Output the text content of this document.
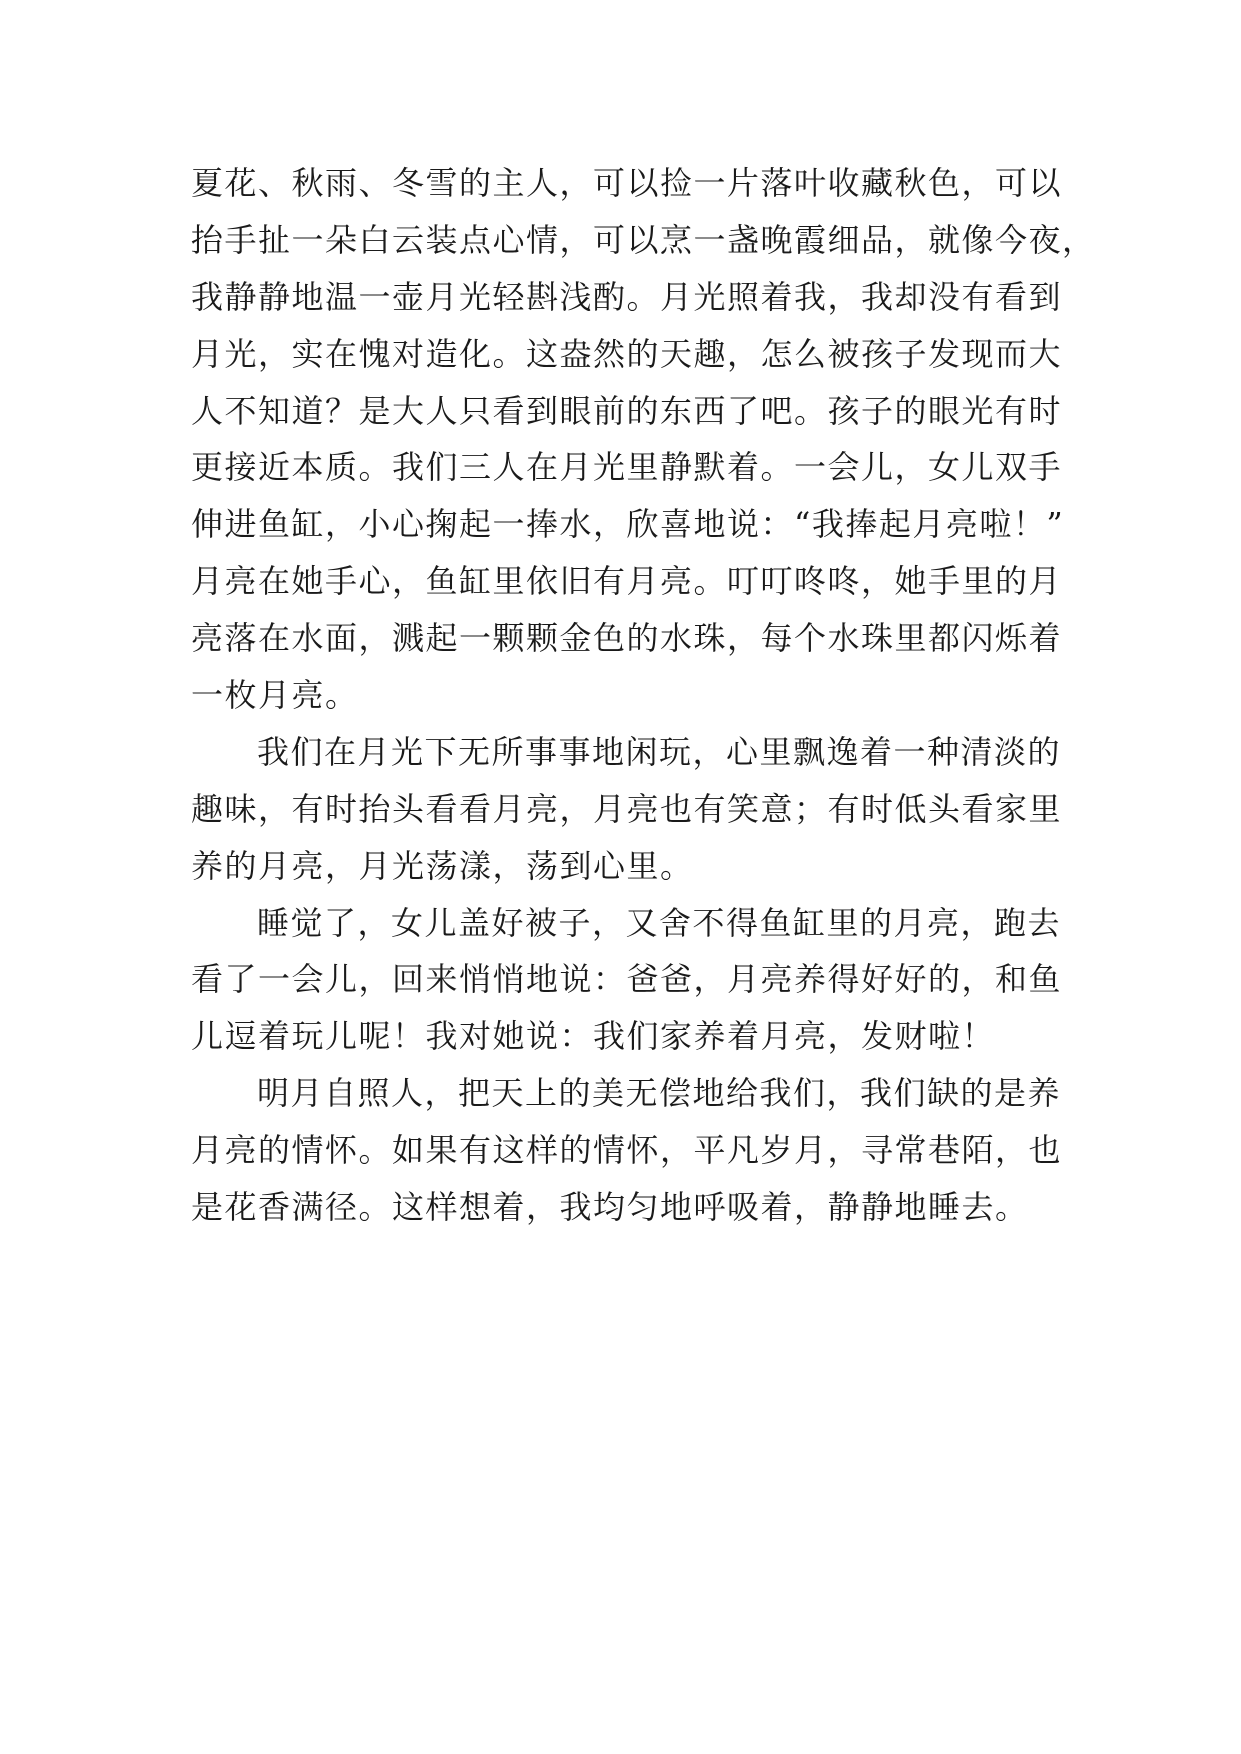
夏花、秋雨、冬雪的主人，可以捡一片落叶收藏秋色，可以
抬手扯一朵白云装点心情，可以烹一盏晚霞细品，就像今夜，
我静静地温一壶月光轻斟浅酌。月光照着我，我却没有看到
月光，实在愧对造化。这盎然的天趣，怎么被孩子发现而大
人不知道？是大人只看到眼前的东西了吧。孩子的眼光有时
更接近本质。我们三人在月光里静默着。一会儿，女儿双手
伸进鱼缸，小心掬起一捧水，欣喜地说：“我捧起月亮啦！”
月亮在她手心，鱼缸里依旧有月亮。叮叮咚咚，她手里的月
亮落在水面，溅起一颗颗金色的水珠，每个水珠里都闪烁着
一枚月亮。
我们在月光下无所事事地闲玩，心里飘逸着一种清淡的
趣味，有时抬头看看月亮，月亮也有笑意；有时低头看家里
养的月亮，月光荡漾，荡到心里。
睡觉了，女儿盖好被子，又舍不得鱼缸里的月亮，跑去
看了一会儿，回来悄悄地说：爸爸，月亮养得好好的，和鱼
儿逗着玩儿呢！我对她说：我们家养着月亮，发财啦！
明月自照人，把天上的美无偿地给我们，我们缺的是养
月亮的情怀。如果有这样的情怀，平凡岁月，寻常巷陌，也
是花香满径。这样想着，我均匀地呼吸着，静静地睡去。
